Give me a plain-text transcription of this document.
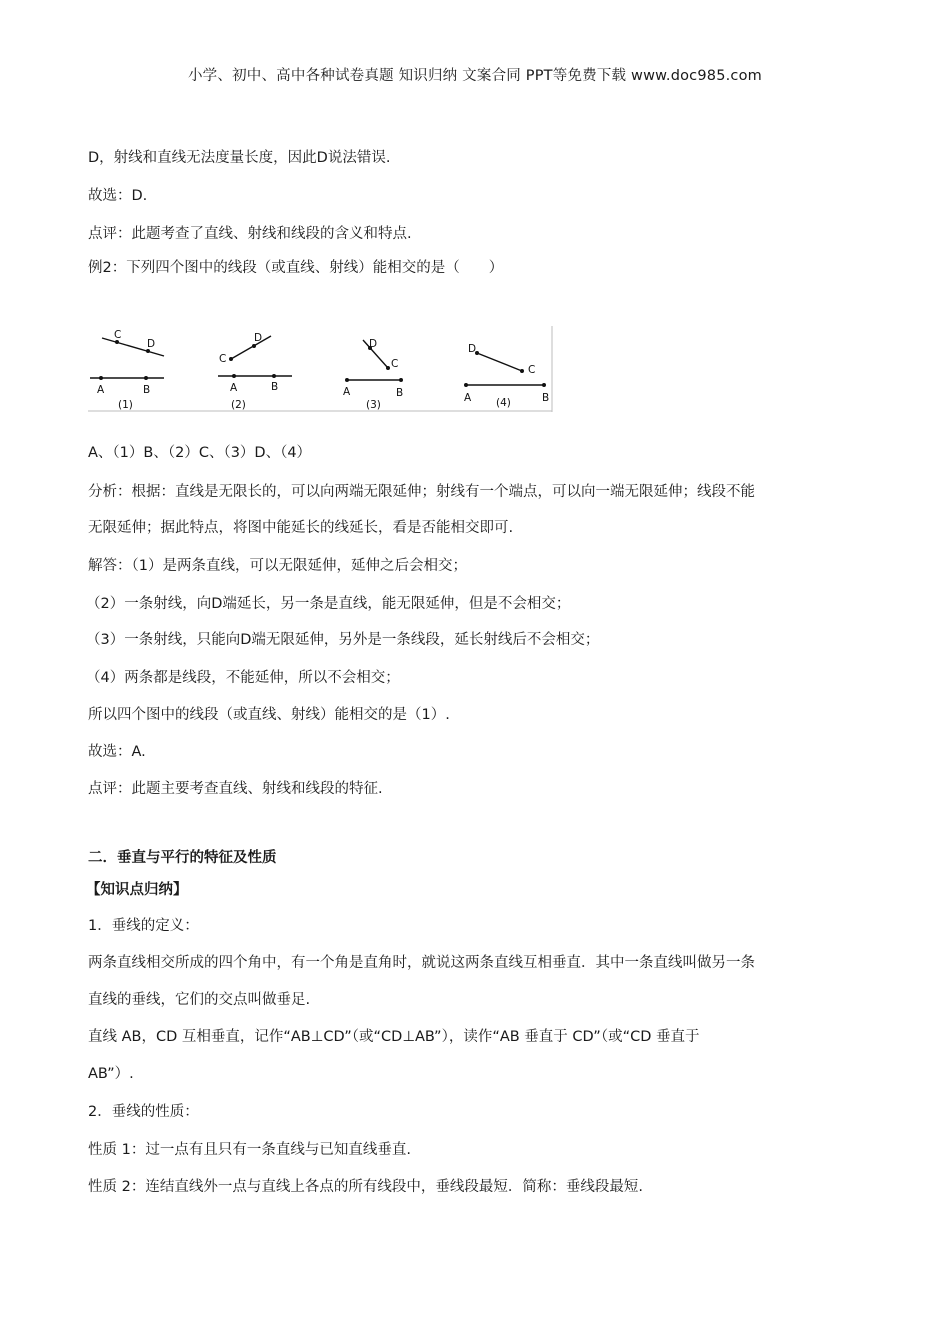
小学、初中、高中各种试卷真题 知识归纳 文案合同 PPT等免费下载 www.doc985.com
D，射线和直线无法度量长度，因此D说法错误.
故选：D.
点评：此题考查了直线、射线和线段的含义和特点.
例2：下列四个图中的线段（或直线、射线）能相交的是（　　）
C
D
A	B
(1)
C
D
A	B
(2)
D
C
A	B
(3)
D
C
A	B
(4)
A、（1）B、（2）C、（3）D、（4）
分析：根据：直线是无限长的，可以向两端无限延伸；射线有一个端点，可以向一端无限延伸；线段不能
无限延伸；据此特点，将图中能延长的线延长，看是否能相交即可.
解答：（1）是两条直线，可以无限延伸，延伸之后会相交；
（2）一条射线，向D端延长，另一条是直线，能无限延伸，但是不会相交；
（3）一条射线，只能向D端无限延伸，另外是一条线段，延长射线后不会相交；
（4）两条都是线段，不能延伸，所以不会相交；
所以四个图中的线段（或直线、射线）能相交的是（1）.
故选：A.
点评：此题主要考查直线、射线和线段的特征.
二．垂直与平行的特征及性质
【知识点归纳】
1．垂线的定义：
两条直线相交所成的四个角中，有一个角是直角时，就说这两条直线互相垂直．其中一条直线叫做另一条
直线的垂线，它们的交点叫做垂足.
直线 AB，CD 互相垂直，记作“AB⊥CD”（或“CD⊥AB”），读作“AB 垂直于 CD”（或“CD 垂直于
AB”）.
2．垂线的性质：
性质 1：过一点有且只有一条直线与已知直线垂直.
性质 2：连结直线外一点与直线上各点的所有线段中，垂线段最短．简称：垂线段最短.
